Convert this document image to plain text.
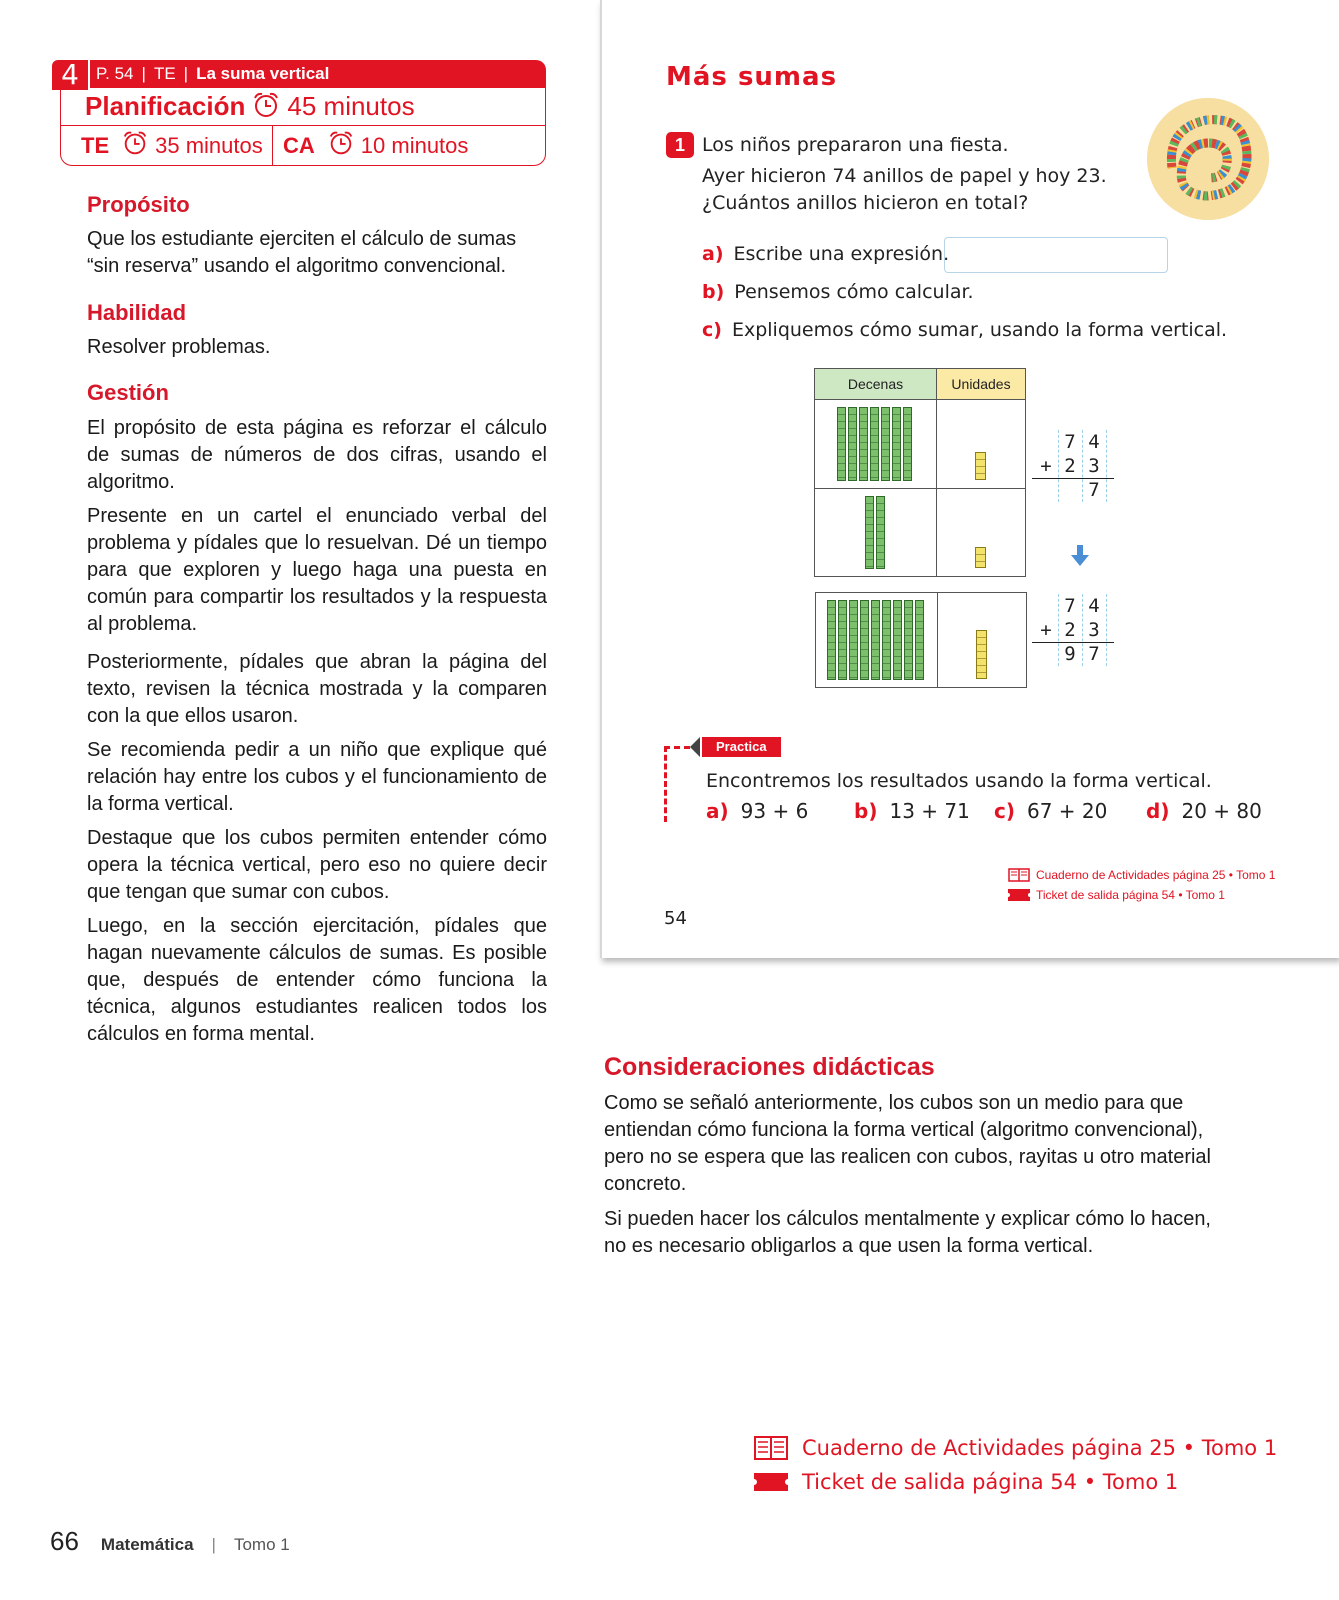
4	P. 54 | TE | La suma vertical
Planificación 45 minutos
TE 35 minutos CA 10 minutos
Propósito
Que los estudiante ejerciten el cálculo de sumas “sin reserva” usando el algoritmo convencional.
Habilidad
Resolver problemas.
Gestión
El propósito de esta página es reforzar el cálculo de sumas de números de dos cifras, usando el algoritmo.
Presente en un cartel el enunciado verbal del problema y pídales que lo resuelvan. Dé un tiempo para que exploren y luego haga una puesta en común para compartir los resultados y la respuesta al problema.
Posteriormente, pídales que abran la página del texto, revisen la técnica mostrada y la comparen con la que ellos usaron.
Se recomienda pedir a un niño que explique qué relación hay entre los cubos y el funcionamiento de la forma vertical.
Destaque que los cubos permiten entender cómo opera la técnica vertical, pero eso no quiere decir que tengan que sumar con cubos.
Luego, en la sección ejercitación, pídales que hagan nuevamente cálculos de sumas. Es posible que, después de entender cómo funciona la técnica, algunos estudiantes realicen todos los cálculos en forma mental.
Más sumas
1 Los niños prepararon una fiesta.
Ayer hicieron 74 anillos de papel y hoy 23.
¿Cuántos anillos hicieron en total?
a) Escribe una expresión.
b) Pensemos cómo calcular.
c) Expliquemos cómo sumar, usando la forma vertical.
Decenas	Unidades
7 4
+ 2 3
7
7 4
+ 2 3
9 7
Practica
Encontremos los resultados usando la forma vertical.
a) 93 + 6 b) 13 + 71 c) 67 + 20 d) 20 + 80
Cuaderno de Actividades página 25 • Tomo 1
Ticket de salida página 54 • Tomo 1
54
Consideraciones didácticas
Como se señaló anteriormente, los cubos son un medio para que entiendan cómo funciona la forma vertical (algoritmo convencional), pero no se espera que las realicen con cubos, rayitas u otro material concreto.
Si pueden hacer los cálculos mentalmente y explicar cómo lo hacen, no es necesario obligarlos a que usen la forma vertical.
Cuaderno de Actividades página 25 • Tomo 1
Ticket de salida página 54 • Tomo 1
66 Matemática | Tomo 1
